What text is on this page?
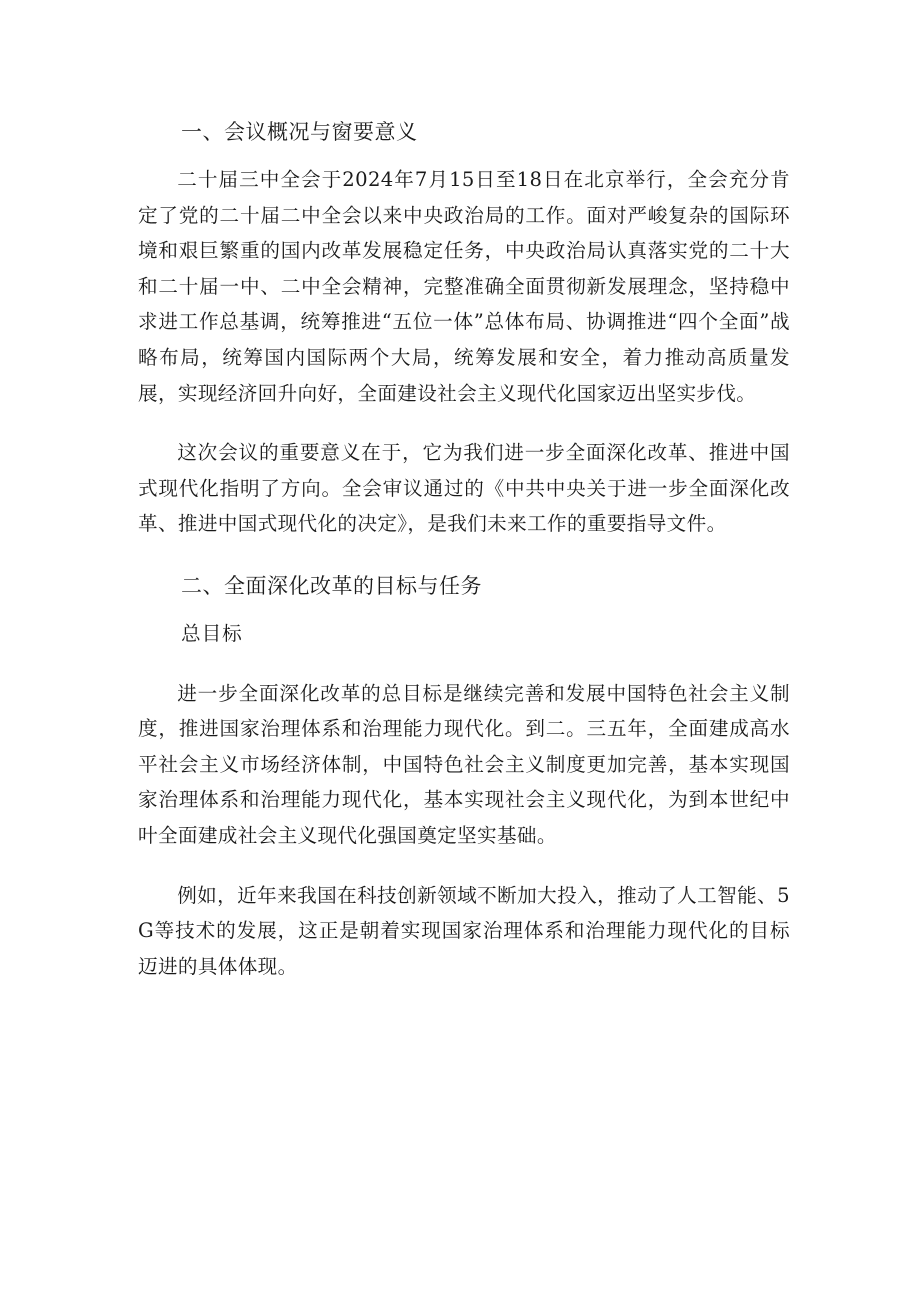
一、会议概况与窗要意义

二十届三中全会于2024年7月15日至18日在北京举行，全会充分肯定了党的二十届二中全会以来中央政治局的工作。面对严峻复杂的国际环境和艰巨繁重的国内改革发展稳定任务，中央政治局认真落实党的二十大和二十届一中、二中全会精神，完整准确全面贯彻新发展理念，坚持稳中求进工作总基调，统筹推进“五位一体”总体布局、协调推进“四个全面”战略布局，统筹国内国际两个大局，统筹发展和安全，着力推动高质量发展，实现经济回升向好，全面建设社会主义现代化国家迈出坚实步伐。

这次会议的重要意义在于，它为我们进一步全面深化改革、推进中国式现代化指明了方向。全会审议通过的《中共中央关于进一步全面深化改革、推进中国式现代化的决定》，是我们未来工作的重要指导文件。

二、全面深化改革的目标与任务
总目标

进一步全面深化改革的总目标是继续完善和发展中国特色社会主义制度，推进国家治理体系和治理能力现代化。到二。三五年，全面建成高水平社会主义市场经济体制，中国特色社会主义制度更加完善，基本实现国家治理体系和治理能力现代化，基本实现社会主义现代化，为到本世纪中叶全面建成社会主义现代化强国奠定坚实基础。

例如，近年来我国在科技创新领域不断加大投入，推动了人工智能、5G等技术的发展，这正是朝着实现国家治理体系和治理能力现代化的目标迈进的具体体现。
